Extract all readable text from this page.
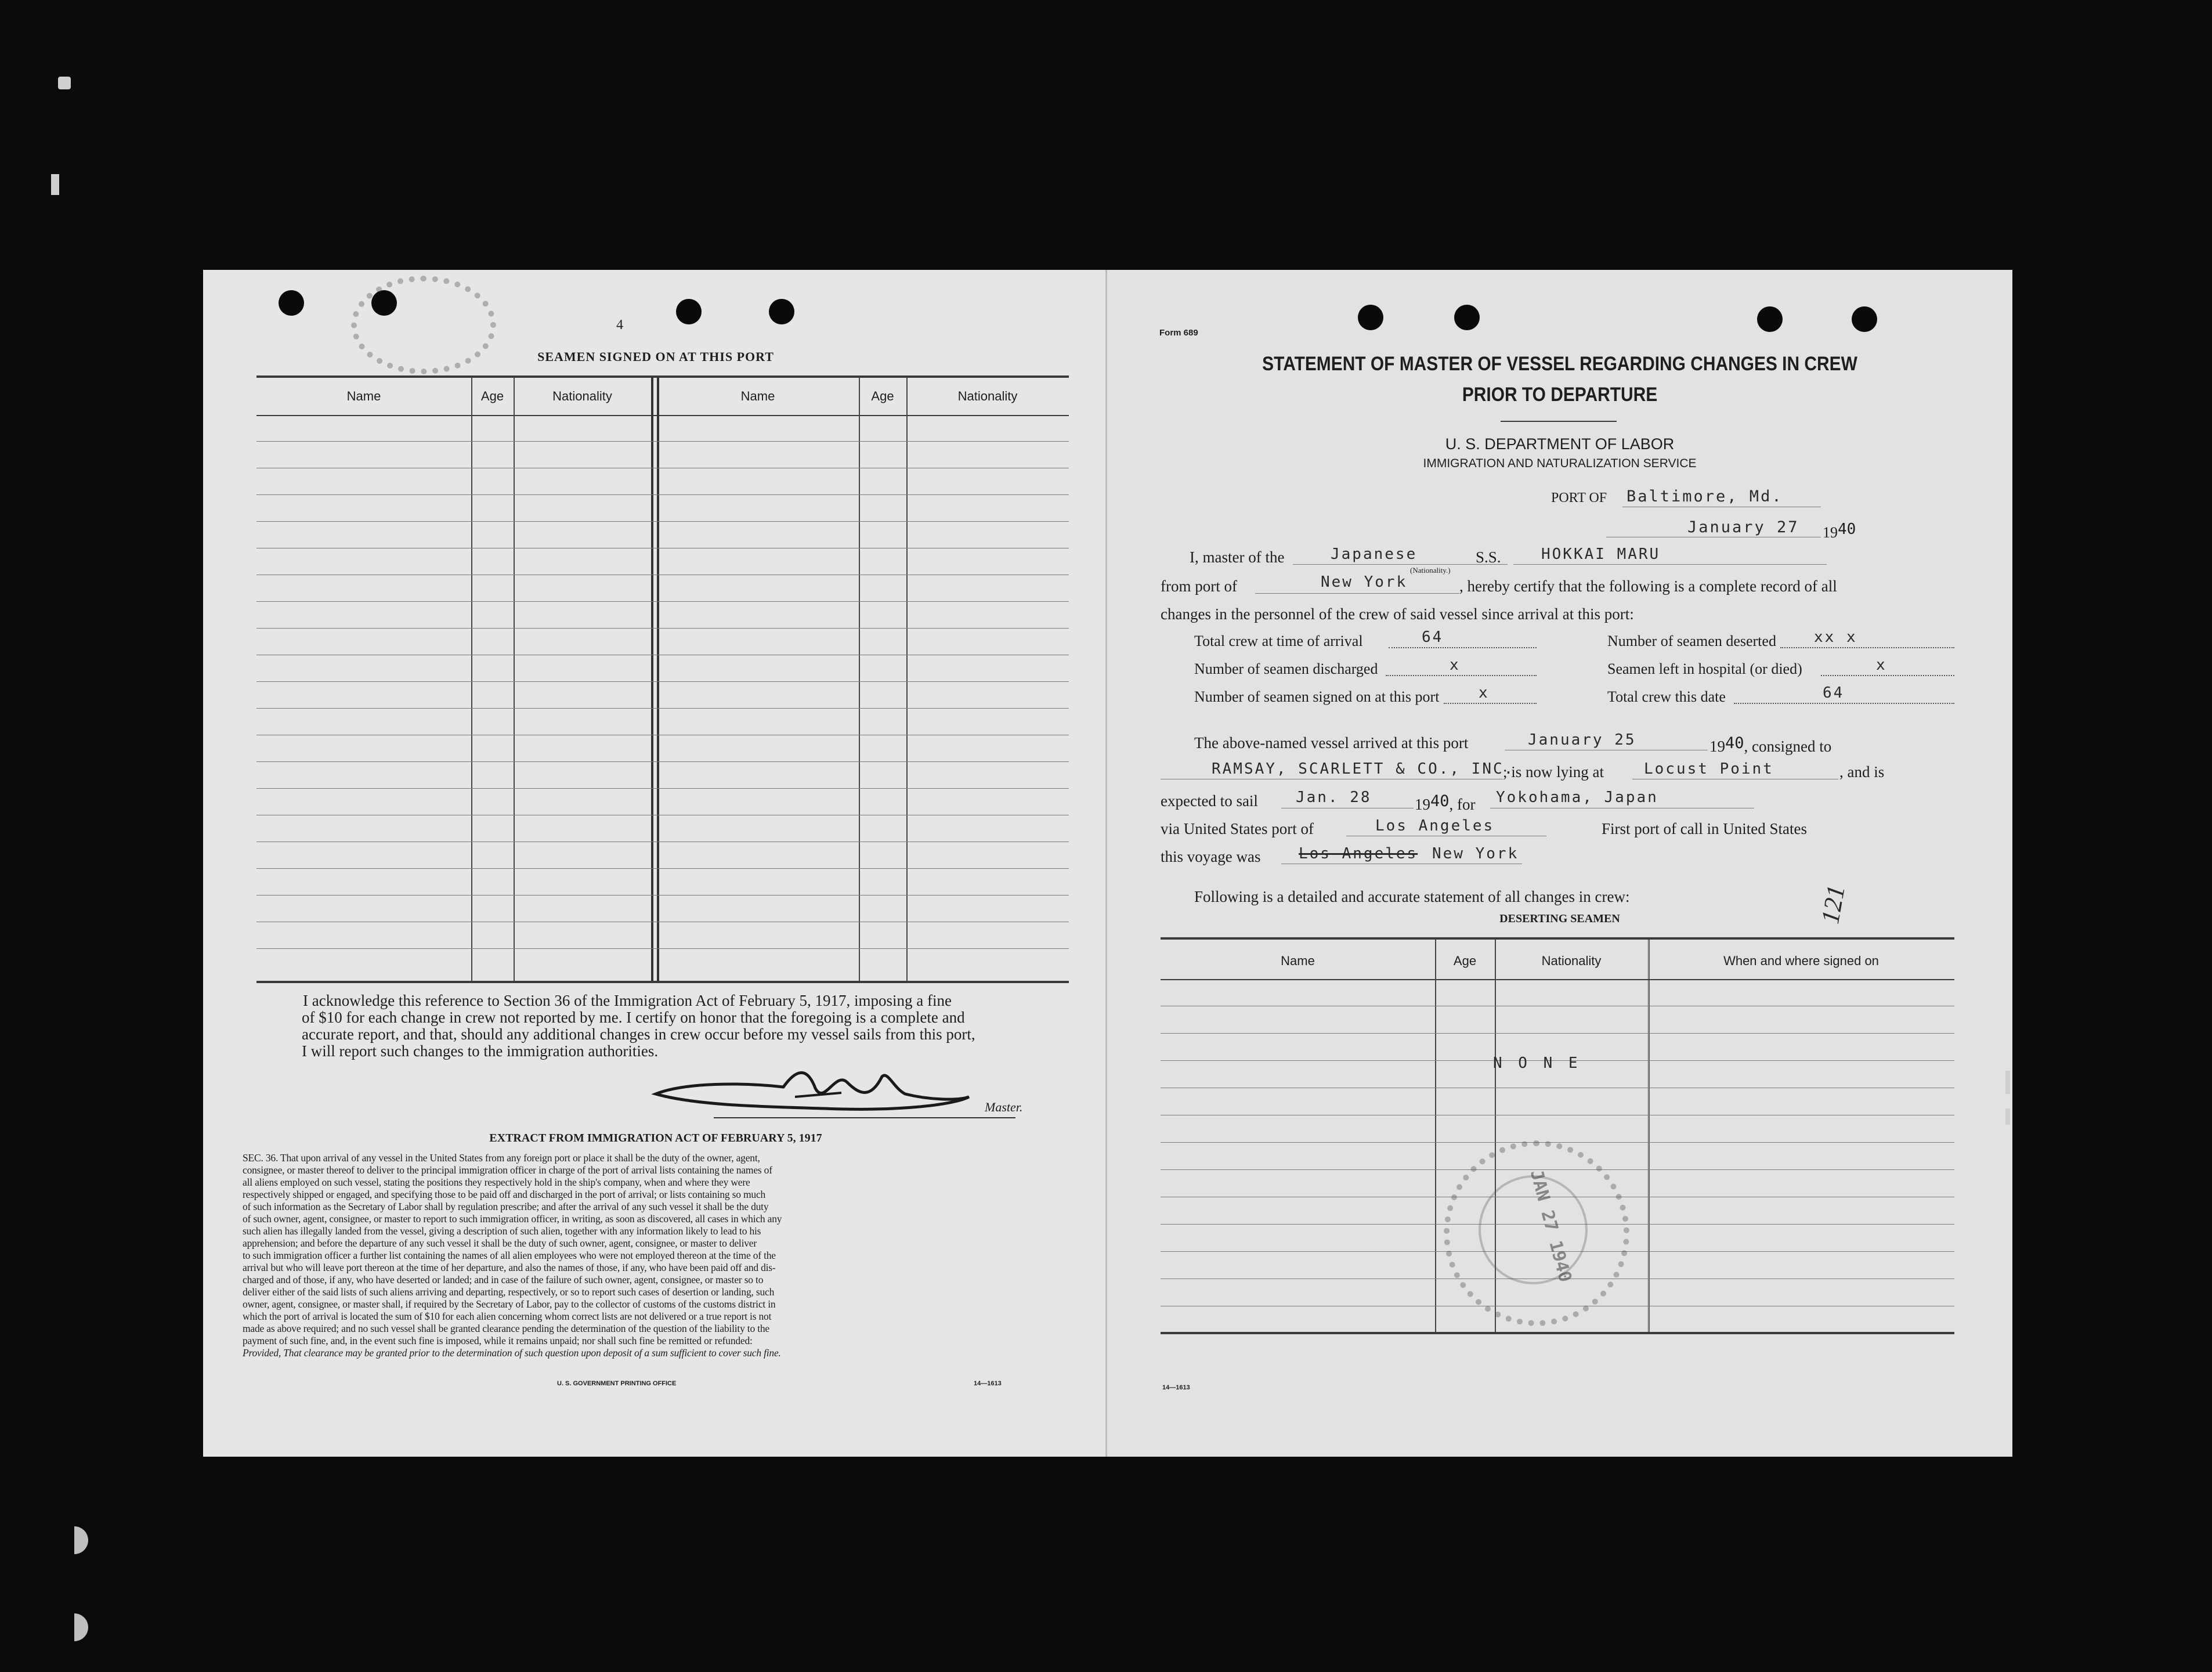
4
SEAMEN SIGNED ON AT THIS PORT
Name	Age	Nationality	Name	Age	Nationality
I acknowledge this reference to Section 36 of the Immigration Act of February 5, 1917, imposing a fine
of $10 for each change in crew not reported by me. I certify on honor that the foregoing is a complete and
accurate report, and that, should any additional changes in crew occur before my vessel sails from this port,
I will report such changes to the immigration authorities.
Master.
EXTRACT FROM IMMIGRATION ACT OF FEBRUARY 5, 1917
SEC. 36. That upon arrival of any vessel in the United States from any foreign port or place it shall be the duty of the owner, agent,
consignee, or master thereof to deliver to the principal immigration officer in charge of the port of arrival lists containing the names of
all aliens employed on such vessel, stating the positions they respectively hold in the ship's company, when and where they were
respectively shipped or engaged, and specifying those to be paid off and discharged in the port of arrival; or lists containing so much
of such information as the Secretary of Labor shall by regulation prescribe; and after the arrival of any such vessel it shall be the duty
of such owner, agent, consignee, or master to report to such immigration officer, in writing, as soon as discovered, all cases in which any
such alien has illegally landed from the vessel, giving a description of such alien, together with any information likely to lead to his
apprehension; and before the departure of any such vessel it shall be the duty of such owner, agent, consignee, or master to deliver
to such immigration officer a further list containing the names of all alien employees who were not employed thereon at the time of the
arrival but who will leave port thereon at the time of her departure, and also the names of those, if any, who have been paid off and dis-
charged and of those, if any, who have deserted or landed; and in case of the failure of such owner, agent, consignee, or master so to
deliver either of the said lists of such aliens arriving and departing, respectively, or so to report such cases of desertion or landing, such
owner, agent, consignee, or master shall, if required by the Secretary of Labor, pay to the collector of customs of the customs district in
which the port of arrival is located the sum of $10 for each alien concerning whom correct lists are not delivered or a true report is not
made as above required; and no such vessel shall be granted clearance pending the determination of the question of the liability to the
payment of such fine, and, in the event such fine is imposed, while it remains unpaid; nor shall such fine be remitted or refunded:
Provided, That clearance may be granted prior to the determination of such question upon deposit of a sum sufficient to cover such fine.
U. S. GOVERNMENT PRINTING OFFICE	14—1613
Form 689
STATEMENT OF MASTER OF VESSEL REGARDING CHANGES IN CREW
PRIOR TO DEPARTURE
U. S. DEPARTMENT OF LABOR
IMMIGRATION AND NATURALIZATION SERVICE
PORT OF Baltimore, Md.
January 27 1940
I, master of the	Japanese
(Nationality.)
S.S.	HOKKAI MARU
from port of	New York	, hereby certify that the following is a complete record of all
changes in the personnel of the crew of said vessel since arrival at this port:
Total crew at time of arrival	64	Number of seamen deserted	xx x
Number of seamen discharged	x	Seamen left in hospital (or died)	x
Number of seamen signed on at this port	x	Total crew this date	64
The above-named vessel arrived at this port	January 25	1940, consigned to
RAMSAY, SCARLETT & CO., INC.
; is now lying at	Locust Point	, and is
expected to sail	Jan. 28	1940, for Yokohama, Japan
via United States port of	Los Angeles	First port of call in United States
this voyage was	Los Angeles New York
Following is a detailed and accurate statement of all changes in crew:	121
DESERTING SEAMEN
Name	Age	Nationality	When and where signed on
N O N E
JAN 27 1940
14—1613
